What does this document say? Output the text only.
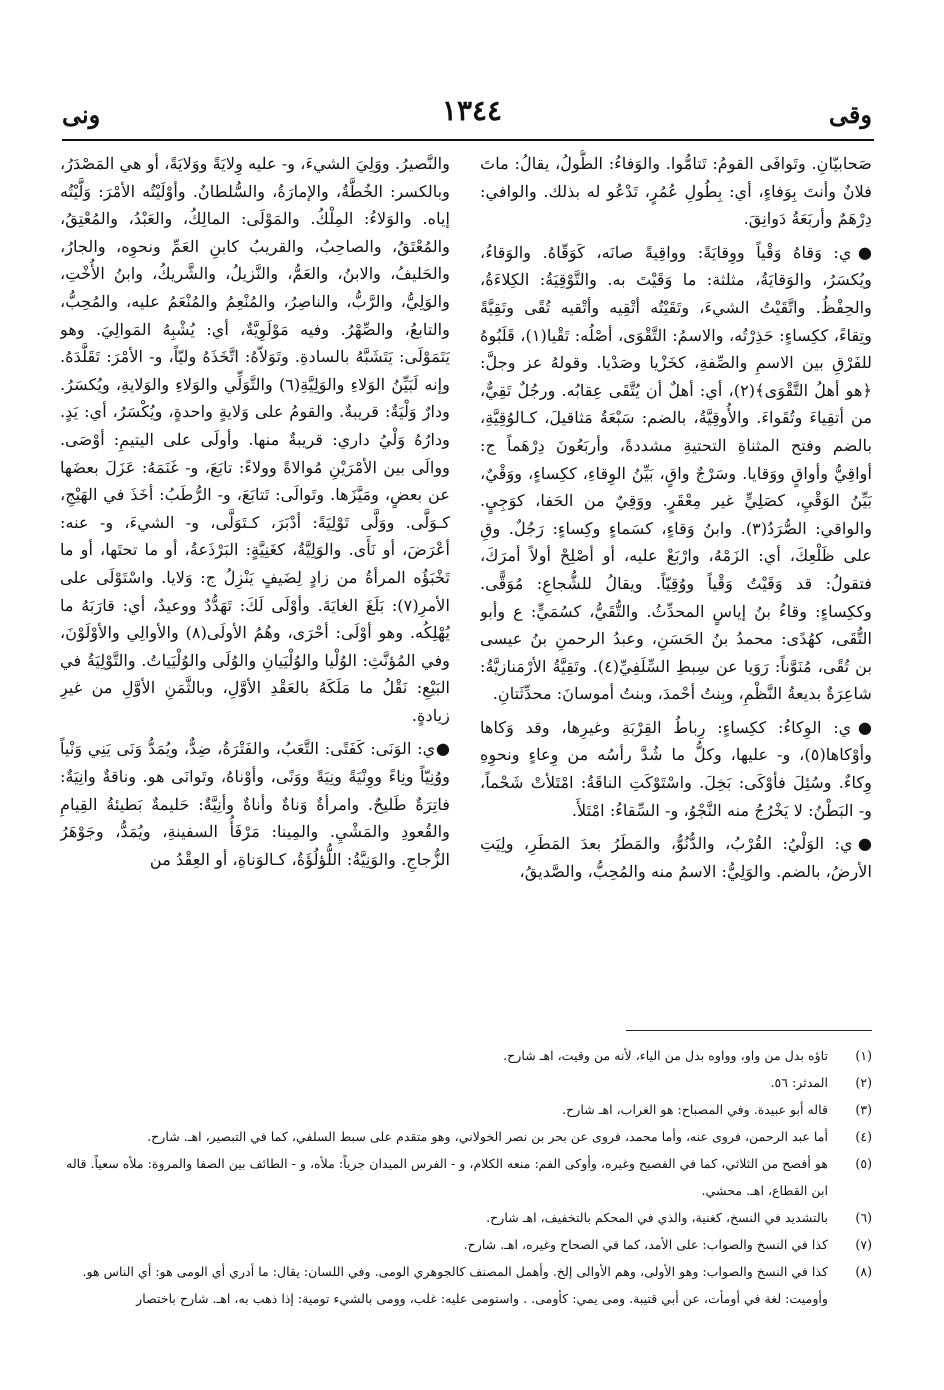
وقى
١٣٤٤
ونى

صَحابيّانِ. وتَوافَى القومُ: تَتامُّوا. والوَفاءُ: الطُّولُ، يقالُ: ماتَ فلانٌ وأنتَ بِوَفاءٍ، أي: بِطُولِ عُمُرٍ، تَدْعُو له بذلك. والوافي: دِرْهَمٌ وأربَعَةُ دَوانِقَ.

●ي: وَقاهُ وَقْياً ووِقايَةً: وواقِيةً صانَه، كَوَقّاهُ. والوَقاءُ، ويُكسَرُ، والوَقايَةُ، مثلثة: ما وَقَيْتَ به. والتَّوْقِيَةُ: الكِلاءَةُ، والحِفْظُ. واتَّقَيْتُ الشيءَ، وتَقَيْتُه أتْقِيه وأتْقيه تُقًى وتَقِيَّةً وتِقاءً، ككِساءٍ: حَذِرْتُه، والاسمُ: التَّقْوَى، أصْلُه: تَقْيا(١)، قَلَبُوهُ للفَرْقِ بين الاسمِ والصِّفةِ، كخَزْيا وصَدْيا. وقولهُ عز وجلَّ: ﴿هو أهلُ التَّقْوَى﴾(٢)، أي: أهلٌ أن يُتَّقَى عِقابُه. ورجُلٌ تَقِيٌّ، من أتقِياءَ وتُقَواءَ. والأُوقِيَّةُ، بالضم: سَبْعَةُ مَثاقيلَ، كـالوُقِيَّةِ، بالضم وفتح المثناةِ التحتيةِ مشددةً، وأربَعُونَ دِرْهَماً ج: أواقِيُّ وأواقٍ ووَقايا. وسَرْجٌ واقٍ، بَيِّنُ الوِقاءِ، ككِساءٍ، ووَقْيٌ، بَيِّنُ الوَقْيِ، كصَلِيٍّ غير مِعْقَرٍ. ووَقِيٌ من الحَفا، كوَجِيٍ. والواقي: الصُّرَدُ(٣). وابنُ وَقاءٍ، كسَماءٍ وكِساءٍ: رَجُلٌ. وقِ على ظَلْعِكَ، أي: الزَمْهُ، وارْبَعْ عليه، أو أصْلِحْ أولاً أمرَكَ، فتقولُ: قد وَقَيْتُ وَقْياً ووُقِيّاً. ويقالُ للشُّجاعِ: مُوَقًّى. وككِساءٍ: وقاءُ بنُ إياسٍ المحدِّثُ. والتُّقَيُّ، كسُمَيٍّ: ع وأبو التُّقَى، كهُدًى: محمدُ بنُ الحَسَنِ، وعبدُ الرحمنِ بنُ عيسى بن تُقًى، مُنَوَّناً: رَوَيا عن سِبطِ السِّلَفِيِّ(٤). وتَقِيَّةُ الأرْمَنازيَّةُ: شاعِرَةٌ بديعةُ النَّظْمِ، وبِنتُ أحْمدَ، وبنتُ أموسانَ: محدِّثَتانِ.

●ي: الوِكاءُ: ككِساءٍ: رِباطُ القِرْبَةِ وغيرِها، وقد وَكاها وأوْكاها(٥)، و- عليها، وكلُّ ما شُدَّ رأسُه من وِعاءٍ ونحوِهِ وِكاءٌ. وسُئِلَ فأوْكَى: بَخِلَ. واسْتَوْكَتِ الناقَةُ: امْتَلأتْ شَحْماً، و- البَطْنُ: لا يَخْرُجُ منه النَّجْوُ، و- السِّقاءُ: امْتَلأَ.

●ي: الوَلْيُ: القُرْبُ، والدُّنُوُّ، والمَطَرُ بعدَ المَطَرِ، ولِيَتِ الأرضُ، بالضم. والوَلِيُّ: الاسمُ منه والمُحِبُّ، والصَّديقُ،

والنَّصيرُ. ووَلِيَ الشيءَ، و- عليه وِلايَةً ووَلايَةً، أو هي المَصْدَرُ، وبالكسر: الخُطَّةُ، والإمارَةُ، والسُّلطانُ. وأوْلَيْتُه الأمْرَ: وَلَّيْتُه إياه. والوَلاءُ: المِلْكُ. والمَوْلَى: المالِكُ، والعَبْدُ، والمُعْتِقُ، والمُعْتَقُ، والصاحِبُ، والقريبُ كابنِ العَمِّ ونحوِه، والجارُ، والحَليفُ، والابنُ، والعَمُّ، والنَّزيلُ، والشَّريكُ، وابنُ الأُخْتِ، والوَلِيُّ، والرَّبُّ، والناصِرُ، والمُنْعِمُ والمُنْعَمُ عليه، والمُحِبُّ، والتابعُ، والصِّهْرُ. وفيه مَوْلَوِيَّةٌ، أي: يُشْبِهُ المَوالِيَ. وهو يَتَمَوْلَى: يَتَشَبَّهُ بالسادةِ. وتَوَلاّهُ: اتَّخَذَهُ وليّاً، و- الأمْرَ: تَقَلَّدَهُ. وإنه لَبَيِّنُ الوَلاءِ والوَلِيَّةِ(٦) والتَّوَلِّي والوَلاءِ والوَلايةِ، ويُكسَرُ. ودارٌ وَلْيَةٌ: قريبةٌ. والقومُ على وَلايةٍ واحدةٍ، ويُكْسَرُ، أي: يَدٍ. ودارُهُ وَلْيُ داري: قريبةٌ منها. وأولَى على اليتيمِ: أوْصَى. ووالَى بين الأمْرَيْنِ مُوالاةً وولاءً: تابَعَ، و- غَنَمَهُ: عَزَلَ بعضَها عن بعضٍ، ومَيَّزَها. وتَوالَى: تَتابَعَ، و- الرُّطَبُ: أخَذَ في الهَيْجِ، كـوَلَّى. ووَلَّى تَوْلِيَةً: أدْبَرَ، كـتَوَلَّى، و- الشيءَ، و- عنه: أعْرَضَ، أو نَأَى. والوَلِيَّةُ، كغَنِيَّةٍ: البَرْذَعةُ، أو ما تحتَها، أو ما تَخْبَؤُه المرأةُ من زادٍ لِضَيفٍ يَنْزِلُ ج: وَلايا. واسْتَوْلَى على الأمرِ(٧): بَلَغَ الغايَةَ. وأوْلَى لَكَ: تَهَدُّدٌ ووعيدٌ، أي: قارَبَهُ ما يُهْلِكُه. وهو أوْلَى: أحْرَى، وهُمُ الأولَى(٨) والأوالِي والأوْلَوْنَ، وفي المُؤنَّثِ: الوُلْيا والوُلْيَيانِ والوُلَى والوُلْيَياتُ. والتَّوْلِيَةُ في البَيْعِ: نَقْلُ ما مَلَكَهُ بالعَقْدِ الأوَّلِ، وبالثَّمَنِ الأوَّلِ من غيرِ زيادةٍ.

●ي: الوَنَى: كَفَتًى: التَّعَبُ، والفَتْرَةُ، ضِدٌّ، ويُمَدُّ وَنَى يَنِي وَنْياً ووُنِيّاً ونِاءً ووِنْيَةً ونِيَةً ووَنًى، وأوْناهُ، وتَوانَى هو. وناقةٌ وانِيَةٌ: فاتِرَةٌ طَليحٌ. وامرأةٌ وَناةٌ وأناةٌ وأنِيَّةٌ: حَليمةٌ بَطيئةُ القِيامِ والقُعودِ والمَشْيِ. والمِينا: مَرْفَأُ السفينةِ، ويُمَدُّ، وجَوْهَرُ الزُّجاجِ. والوَنِيَّةُ: اللُّؤلُؤَةُ، كـالوَناةِ، أو العِقْدُ من

(١)
تاؤه بدل من واو، وواوه بدل من الياء، لأنه من وقيت، اهـ شارح.
(٢)
المدثر: ٥٦.
(٣)
قاله أبو عبيدة. وفي المصباح: هو الغراب، اهـ شارح.
(٤)
أما عبد الرحمن، فروى عنه، وأما محمد، فروى عن بحر بن نصر الخولاني، وهو متقدم على سبط السلفي، كما في التبصير، اهـ. شارح.
(٥)
هو أفصح من الثلاثي، كما في الفصيح وغيره، وأوكى الفم: منعه الكلام، و - الفرس الميدان جرياً: ملأه، و - الطائف بين الصفا والمروة: ملأه سعياً. قاله ابن القطاع، اهـ. محشي.
(٦)
بالتشديد في النسخ، كغنية، والذي في المحكم بالتخفيف، اهـ شارح.
(٧)
كذا في النسخ والصواب: على الأمد، كما في الصحاح وغيره، اهـ. شارح.
(٨)
كذا في النسخ والصواب: وهو الأولى، وهم الأوالى إلخ. وأهمل المصنف كالجوهري الومى. وفي اللسان: يقال: ما أدري أي الومى هو: أي الناس هو. وأوميت: لغة في أومأت، عن أبي قتيبة. ومى يمي: كأومى. . واستومى عليه: غلب، وومى بالشيء تومية: إذا ذهب به، اهـ. شارح باختصار
